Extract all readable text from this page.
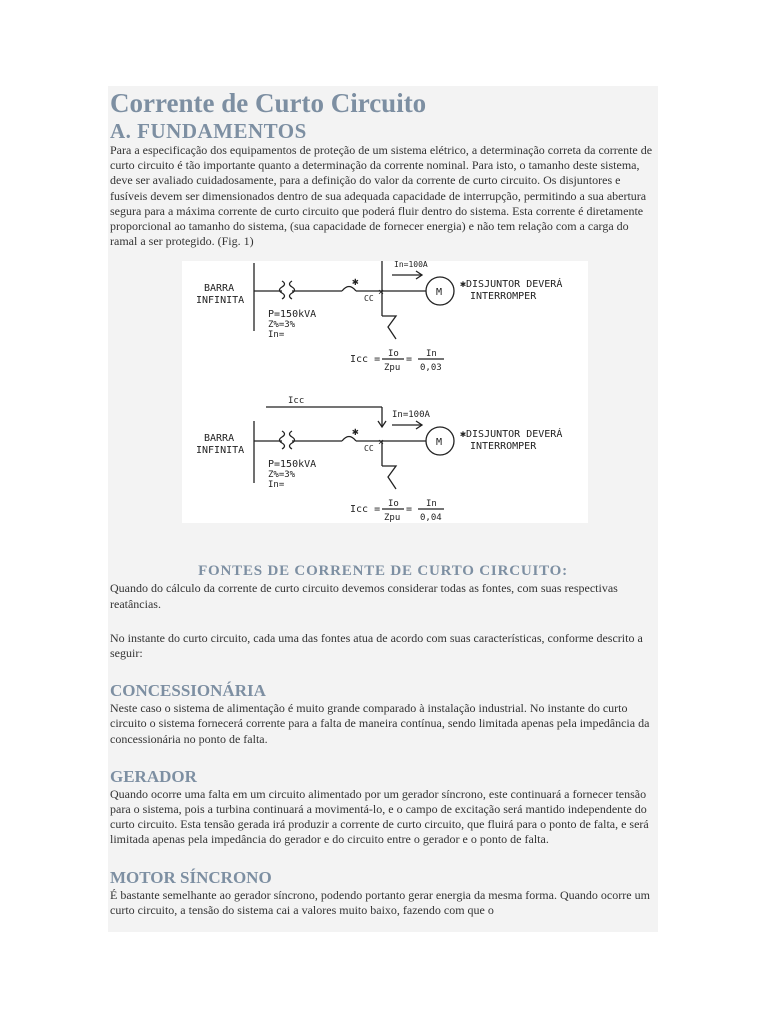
Corrente de Curto Circuito
A. FUNDAMENTOS

Para a especificação dos equipamentos de proteção de um sistema elétrico, a determinação correta da corrente de curto circuito é tão importante quanto a determinação da corrente nominal. Para isto, o tamanho deste sistema, deve ser avaliado cuidadosamente, para a definição do valor da corrente de curto circuito. Os disjuntores e fusíveis devem ser dimensionados dentro de sua adequada capacidade de interrupção, permitindo a sua abertura segura para a máxima corrente de curto circuito que poderá fluir dentro do sistema. Esta corrente é diretamente proporcional ao tamanho do sistema, (sua capacidade de fornecer energia) e não tem relação com a carga do ramal a ser protegido. (Fig. 1)

×
×
BARRA
INFINITA
P=150kVA
Z%=3%
In=
✱
CC
In=100A
M
✱DISJUNTOR DEVERÁ
INTERROMPER
Icc = Io
Zpu
= In
0,03
Icc
In=100A
BARRA
INFINITA
P=150kVA
Z%=3%
In=
✱
CC
M
✱DISJUNTOR DEVERÁ
INTERROMPER
Icc = Io
Zpu
= In
0,04
FONTES DE CORRENTE DE CURTO CIRCUITO:

Quando do cálculo da corrente de curto circuito devemos considerar todas as fontes, com suas respectivas reatâncias.

No instante do curto circuito, cada uma das fontes atua de acordo com suas características, conforme descrito a seguir:

CONCESSIONÁRIA

Neste caso o sistema de alimentação é muito grande comparado à instalação industrial. No instante do curto circuito o sistema fornecerá corrente para a falta de maneira contínua, sendo limitada apenas pela impedância da concessionária no ponto de falta.

GERADOR

Quando ocorre uma falta em um circuito alimentado por um gerador síncrono, este continuará a fornecer tensão para o sistema, pois a turbina continuará a movimentá-lo, e o campo de excitação será mantido independente do curto circuito. Esta tensão gerada irá produzir a corrente de curto circuito, que fluirá para o ponto de falta, e será limitada apenas pela impedância do gerador e do circuito entre o gerador e o ponto de falta.

MOTOR SÍNCRONO

É bastante semelhante ao gerador síncrono, podendo portanto gerar energia da mesma forma. Quando ocorre um curto circuito, a tensão do sistema cai a valores muito baixo, fazendo com que o
